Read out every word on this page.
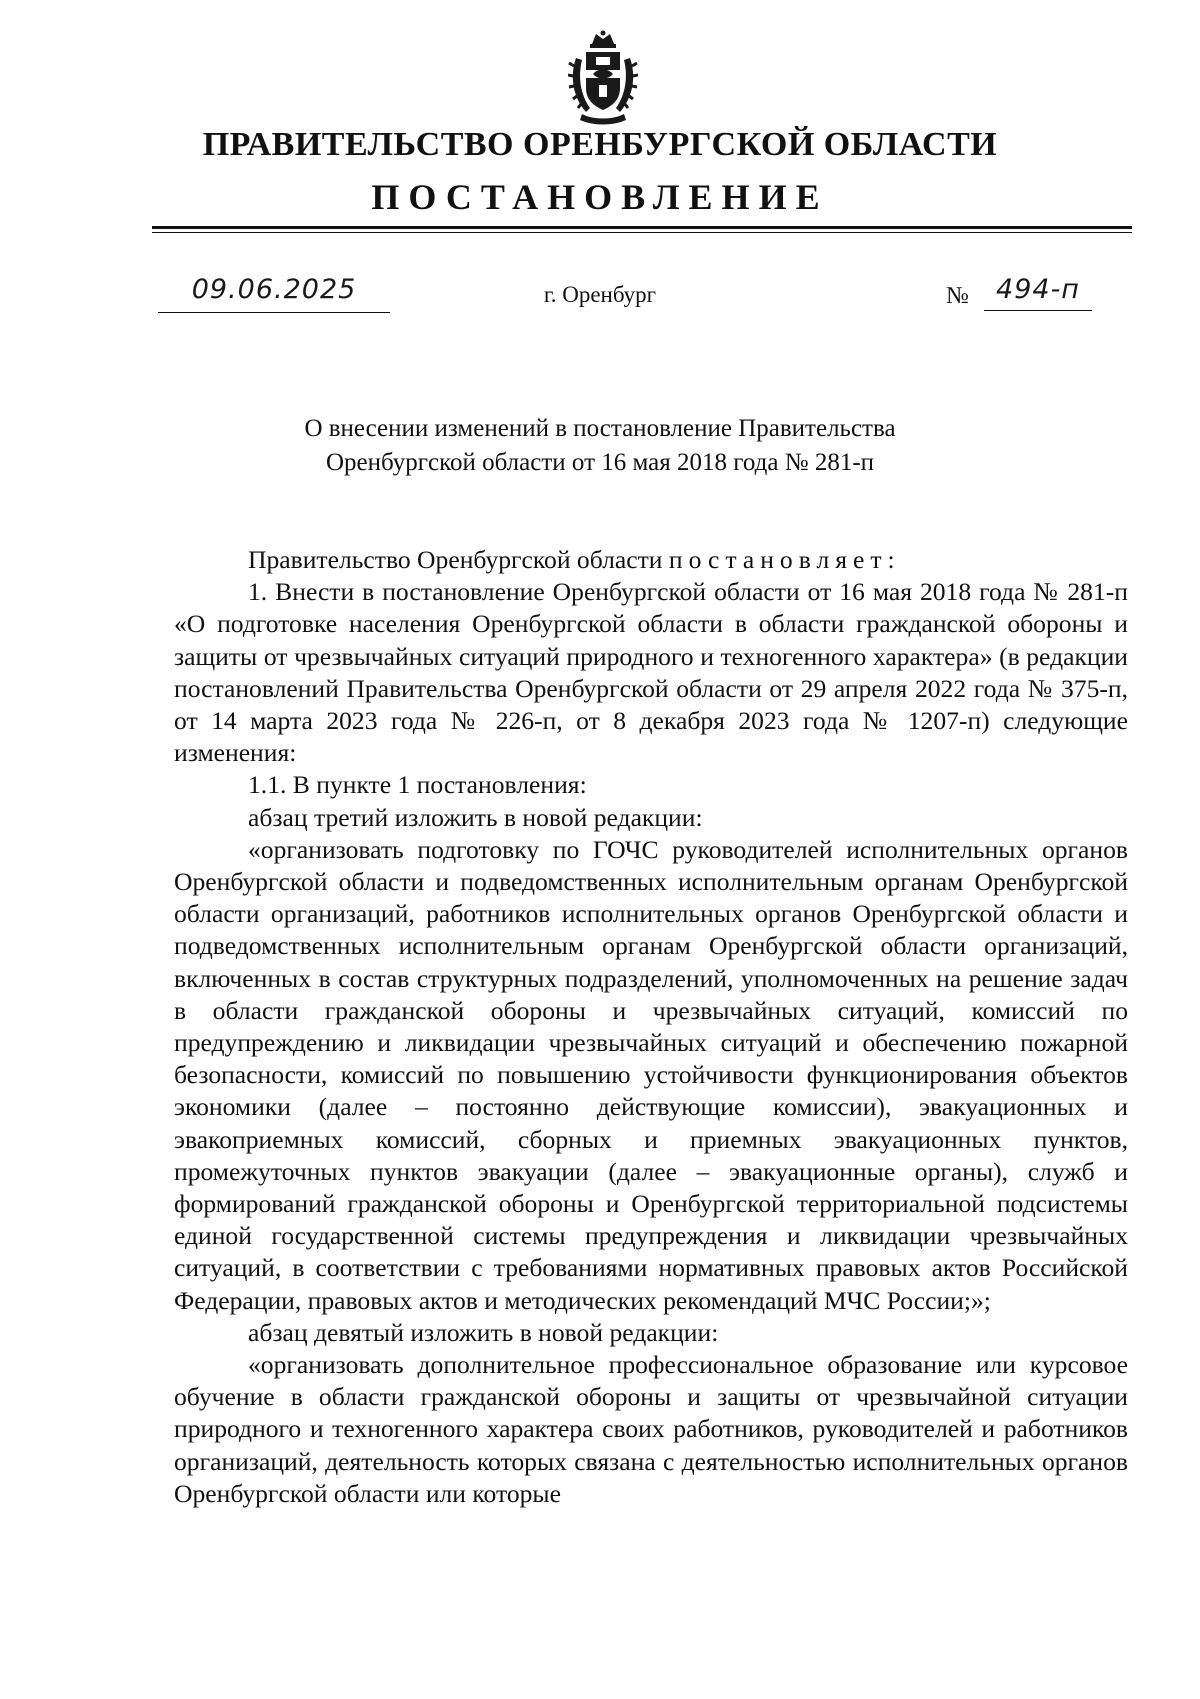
ПРАВИТЕЛЬСТВО ОРЕНБУРГСКОЙ ОБЛАСТИ
ПОСТАНОВЛЕНИЕ
09.06.2025	г. Оренбург	№	494-п
О внесении изменений в постановление Правительства
Оренбургской области от 16 мая 2018 года № 281-п

Правительство Оренбургской области постановляет:

1. Внести в постановление Оренбургской области от 16 мая 2018 года № 281-п «О подготовке населения Оренбургской области в области гражданской обороны и защиты от чрезвычайных ситуаций природного и техногенного характера» (в редакции постановлений Правительства Оренбургской области от 29 апреля 2022 года № 375-п, от 14 марта 2023 года № 226-п, от 8 декабря 2023 года № 1207-п) следующие изменения:

1.1. В пункте 1 постановления:

абзац третий изложить в новой редакции:

«организовать подготовку по ГОЧС руководителей исполнительных органов Оренбургской области и подведомственных исполнительным органам Оренбургской области организаций, работников исполнительных органов Оренбургской области и подведомственных исполнительным органам Оренбургской области организаций, включенных в состав структурных подразделений, уполномоченных на решение задач в области гражданской обороны и чрезвычайных ситуаций, комиссий по предупреждению и ликвидации чрезвычайных ситуаций и обеспечению пожарной безопасности, комиссий по повышению устойчивости функционирования объектов экономики (далее – постоянно действующие комиссии), эвакуационных и эвакоприемных комиссий, сборных и приемных эвакуационных пунктов, промежуточных пунктов эвакуации (далее – эвакуационные органы), служб и формирований гражданской обороны и Оренбургской территориальной подсистемы единой государственной системы предупреждения и ликвидации чрезвычайных ситуаций, в соответствии с требованиями нормативных правовых актов Российской Федерации, правовых актов и методических рекомендаций МЧС России;»;

абзац девятый изложить в новой редакции:

«организовать дополнительное профессиональное образование или курсовое обучение в области гражданской обороны и защиты от чрезвычайной ситуации природного и техногенного характера своих работников, руководителей и работников организаций, деятельность которых связана с деятельностью исполнительных органов Оренбургской области или которые
